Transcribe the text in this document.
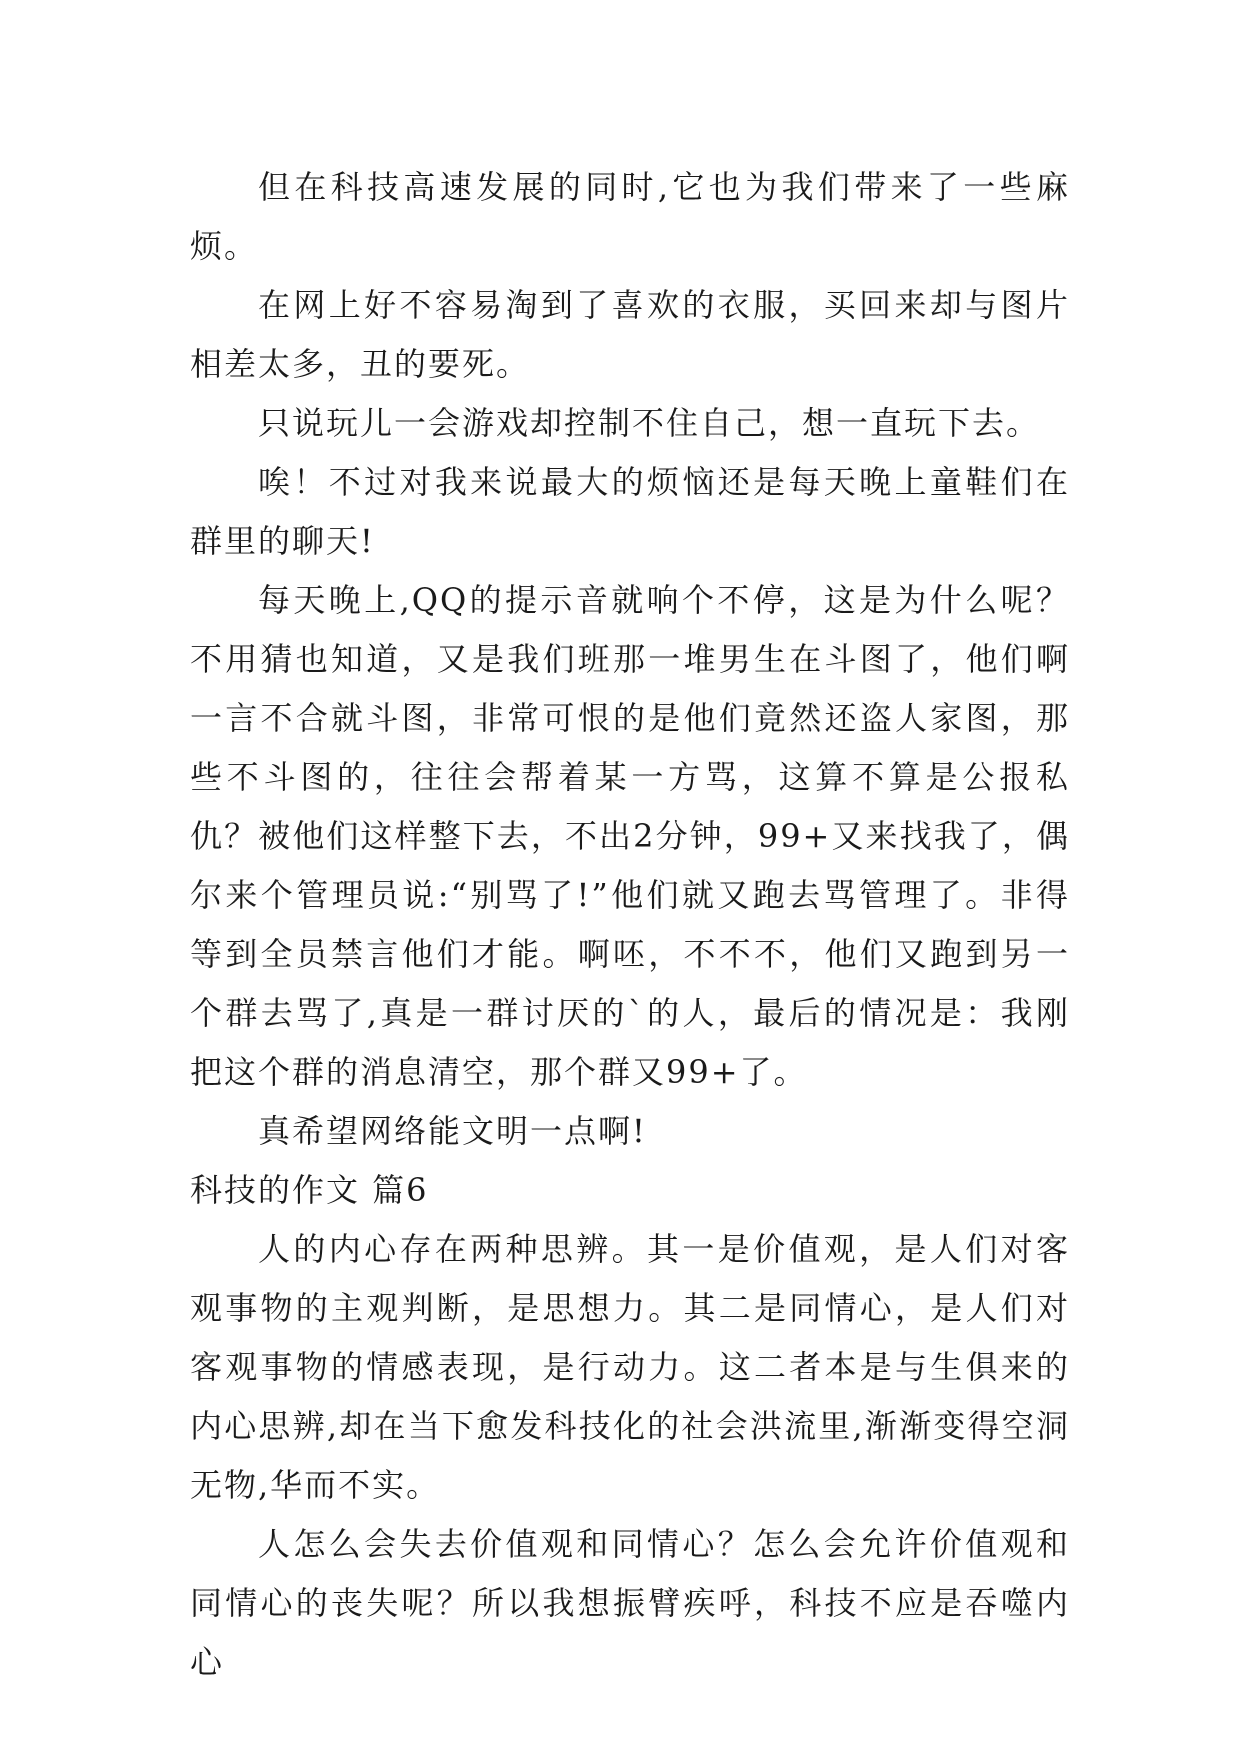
但在科技高速发展的同时,它也为我们带来了一些麻烦。

在网上好不容易淘到了喜欢的衣服，买回来却与图片相差太多，丑的要死。

只说玩儿一会游戏却控制不住自己，想一直玩下去。

唉！不过对我来说最大的烦恼还是每天晚上童鞋们在群里的聊天!

每天晚上,QQ的提示音就响个不停，这是为什么呢？不用猜也知道，又是我们班那一堆男生在斗图了，他们啊一言不合就斗图，非常可恨的是他们竟然还盗人家图，那些不斗图的，往往会帮着某一方骂，这算不算是公报私仇？被他们这样整下去，不出2分钟，99+又来找我了，偶尔来个管理员说:“别骂了!”他们就又跑去骂管理了。非得等到全员禁言他们才能。啊呸，不不不，他们又跑到另一个群去骂了,真是一群讨厌的`的人，最后的情况是：我刚把这个群的消息清空，那个群又99+了。

真希望网络能文明一点啊!

科技的作文 篇6

人的内心存在两种思辨。其一是价值观，是人们对客观事物的主观判断，是思想力。其二是同情心，是人们对客观事物的情感表现，是行动力。这二者本是与生俱来的内心思辨,却在当下愈发科技化的社会洪流里,渐渐变得空洞无物,华而不实。

人怎么会失去价值观和同情心？怎么会允许价值观和同情心的丧失呢？所以我想振臂疾呼，科技不应是吞噬内心
